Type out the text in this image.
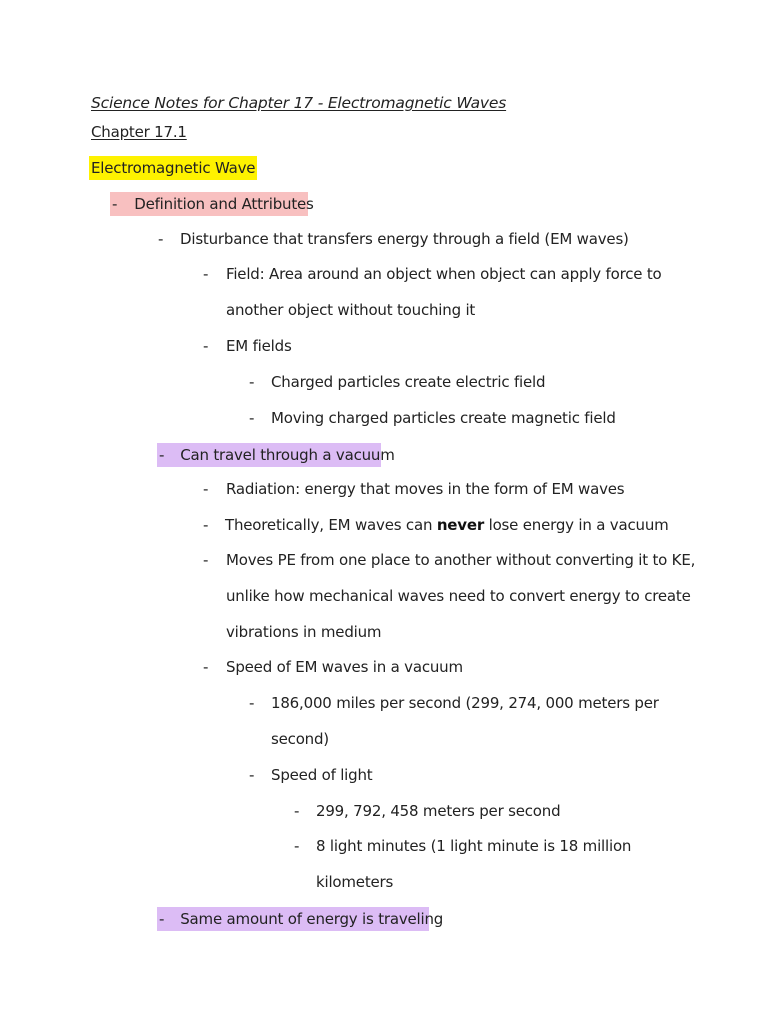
Science Notes for Chapter 17 - Electromagnetic Waves
Chapter 17.1
Electromagnetic Wave
- Definition and Attributes
- Disturbance that transfers energy through a field (EM waves)
- Field: Area around an object when object can apply force to
another object without touching it
- EM fields
- Charged particles create electric field
- Moving charged particles create magnetic field
- Can travel through a vacuum
- Radiation: energy that moves in the form of EM waves
- Theoretically, EM waves can never lose energy in a vacuum
- Moves PE from one place to another without converting it to KE,
unlike how mechanical waves need to convert energy to create
vibrations in medium
- Speed of EM waves in a vacuum
- 186,000 miles per second (299, 274, 000 meters per
second)
- Speed of light
- 299, 792, 458 meters per second
- 8 light minutes (1 light minute is 18 million
kilometers
- Same amount of energy is traveling
